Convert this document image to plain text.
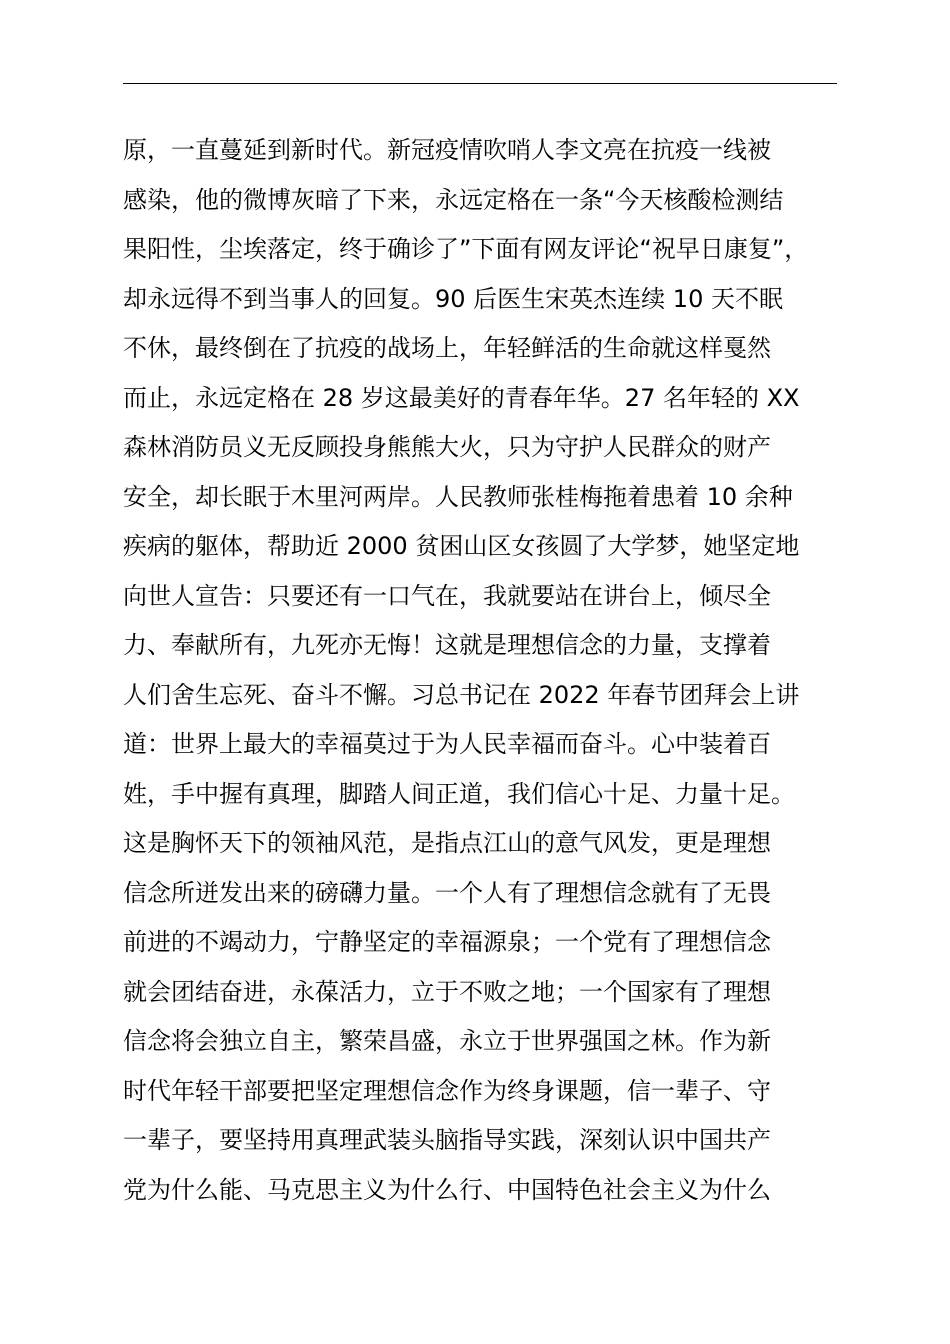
原，一直蔓延到新时代。新冠疫情吹哨人李文亮在抗疫一线被
感染，他的微博灰暗了下来，永远定格在一条“今天核酸检测结
果阳性，尘埃落定，终于确诊了”下面有网友评论“祝早日康复”，
却永远得不到当事人的回复。90 后医生宋英杰连续 10 天不眠
不休，最终倒在了抗疫的战场上，年轻鲜活的生命就这样戛然
而止，永远定格在 28 岁这最美好的青春年华。27 名年轻的 XX
森林消防员义无反顾投身熊熊大火，只为守护人民群众的财产
安全，却长眠于木里河两岸。人民教师张桂梅拖着患着 10 余种
疾病的躯体，帮助近 2000 贫困山区女孩圆了大学梦，她坚定地
向世人宣告：只要还有一口气在，我就要站在讲台上，倾尽全
力、奉献所有，九死亦无悔！这就是理想信念的力量，支撑着
人们舍生忘死、奋斗不懈。习总书记在 2022 年春节团拜会上讲
道：世界上最大的幸福莫过于为人民幸福而奋斗。心中装着百
姓，手中握有真理，脚踏人间正道，我们信心十足、力量十足。
这是胸怀天下的领袖风范，是指点江山的意气风发，更是理想
信念所迸发出来的磅礴力量。一个人有了理想信念就有了无畏
前进的不竭动力，宁静坚定的幸福源泉；一个党有了理想信念
就会团结奋进，永葆活力，立于不败之地；一个国家有了理想
信念将会独立自主，繁荣昌盛，永立于世界强国之林。作为新
时代年轻干部要把坚定理想信念作为终身课题，信一辈子、守
一辈子，要坚持用真理武装头脑指导实践，深刻认识中国共产
党为什么能、马克思主义为什么行、中国特色社会主义为什么
